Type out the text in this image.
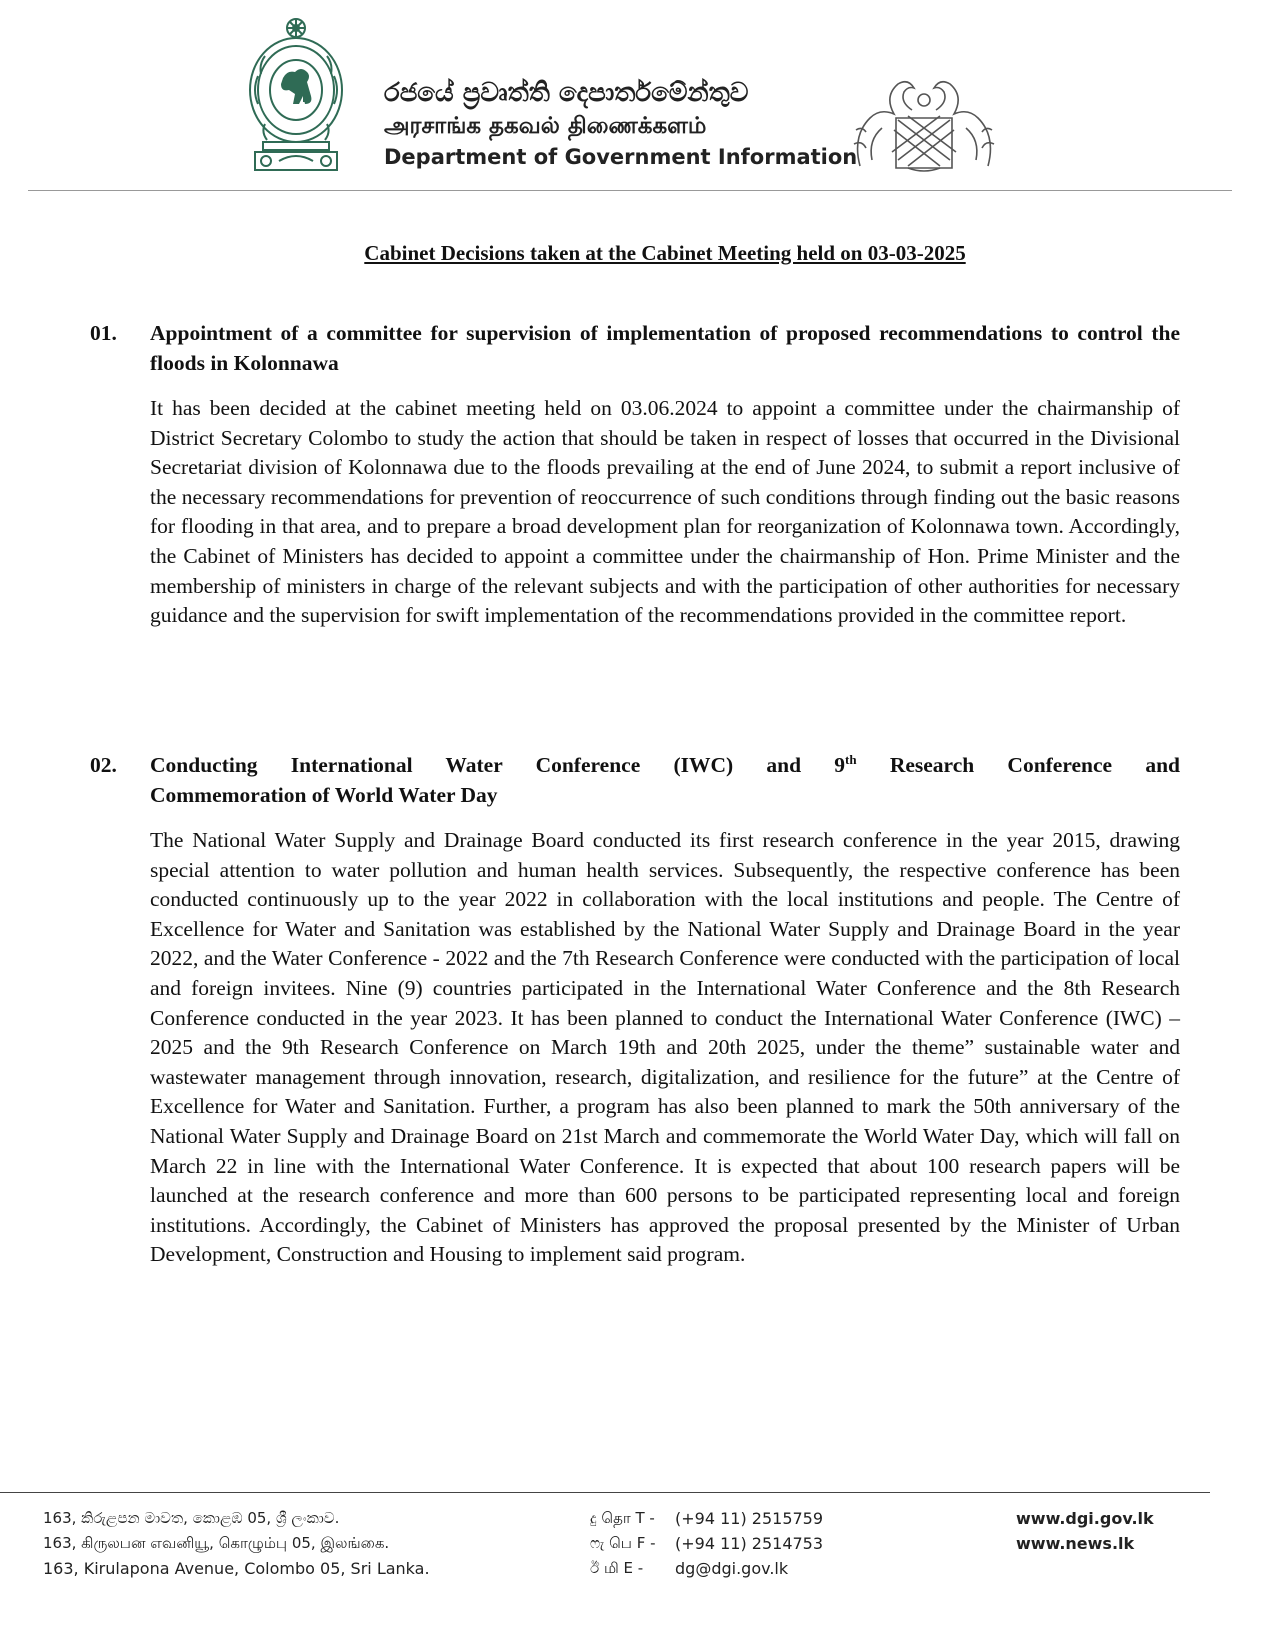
රජයේ ප්‍රවෘත්ති දෙපාර්තමේන්තුව
அரசாங்க தகவல் திணைக்களம்
Department of Government Information
Cabinet Decisions taken at the Cabinet Meeting held on 03-03-2025
01. Appointment of a committee for supervision of implementation of proposed recommendations to control the floods in Kolonnawa

It has been decided at the cabinet meeting held on 03.06.2024 to appoint a committee under the chairmanship of District Secretary Colombo to study the action that should be taken in respect of losses that occurred in the Divisional Secretariat division of Kolonnawa due to the floods prevailing at the end of June 2024, to submit a report inclusive of the necessary recommendations for prevention of reoccurrence of such conditions through finding out the basic reasons for flooding in that area, and to prepare a broad development plan for reorganization of Kolonnawa town. Accordingly, the Cabinet of Ministers has decided to appoint a committee under the chairmanship of Hon. Prime Minister and the membership of ministers in charge of the relevant subjects and with the participation of other authorities for necessary guidance and the supervision for swift implementation of the recommendations provided in the committee report.

02. Conducting International Water Conference (IWC) and 9th Research Conference and
Commemoration of World Water Day

The National Water Supply and Drainage Board conducted its first research conference in the year 2015, drawing special attention to water pollution and human health services. Subsequently, the respective conference has been conducted continuously up to the year 2022 in collaboration with the local institutions and people. The Centre of Excellence for Water and Sanitation was established by the National Water Supply and Drainage Board in the year 2022, and the Water Conference - 2022 and the 7th Research Conference were conducted with the participation of local and foreign invitees. Nine (9) countries participated in the International Water Conference and the 8th Research Conference conducted in the year 2023. It has been planned to conduct the International Water Conference (IWC) – 2025 and the 9th Research Conference on March 19th and 20th 2025, under the theme” sustainable water and wastewater management through innovation, research, digitalization, and resilience for the future” at the Centre of Excellence for Water and Sanitation. Further, a program has also been planned to mark the 50th anniversary of the National Water Supply and Drainage Board on 21st March and commemorate the World Water Day, which will fall on March 22 in line with the International Water Conference. It is expected that about 100 research papers will be launched at the research conference and more than 600 persons to be participated representing local and foreign institutions. Accordingly, the Cabinet of Ministers has approved the proposal presented by the Minister of Urban Development, Construction and Housing to implement said program.

163, කිරුළපන මාවත, කොළඹ 05, ශ්‍රී ලංකාව.
163, கிருலபன எவனியூ, கொழும்பு 05, இலங்கை.
163, Kirulapona Avenue, Colombo 05, Sri Lanka.
දු தொ T -	(+94 11) 2515759
ෆැ பெ F -	(+94 11) 2514753
ඊ மி E -	dg@dgi.gov.lk
www.dgi.gov.lk
www.news.lk
